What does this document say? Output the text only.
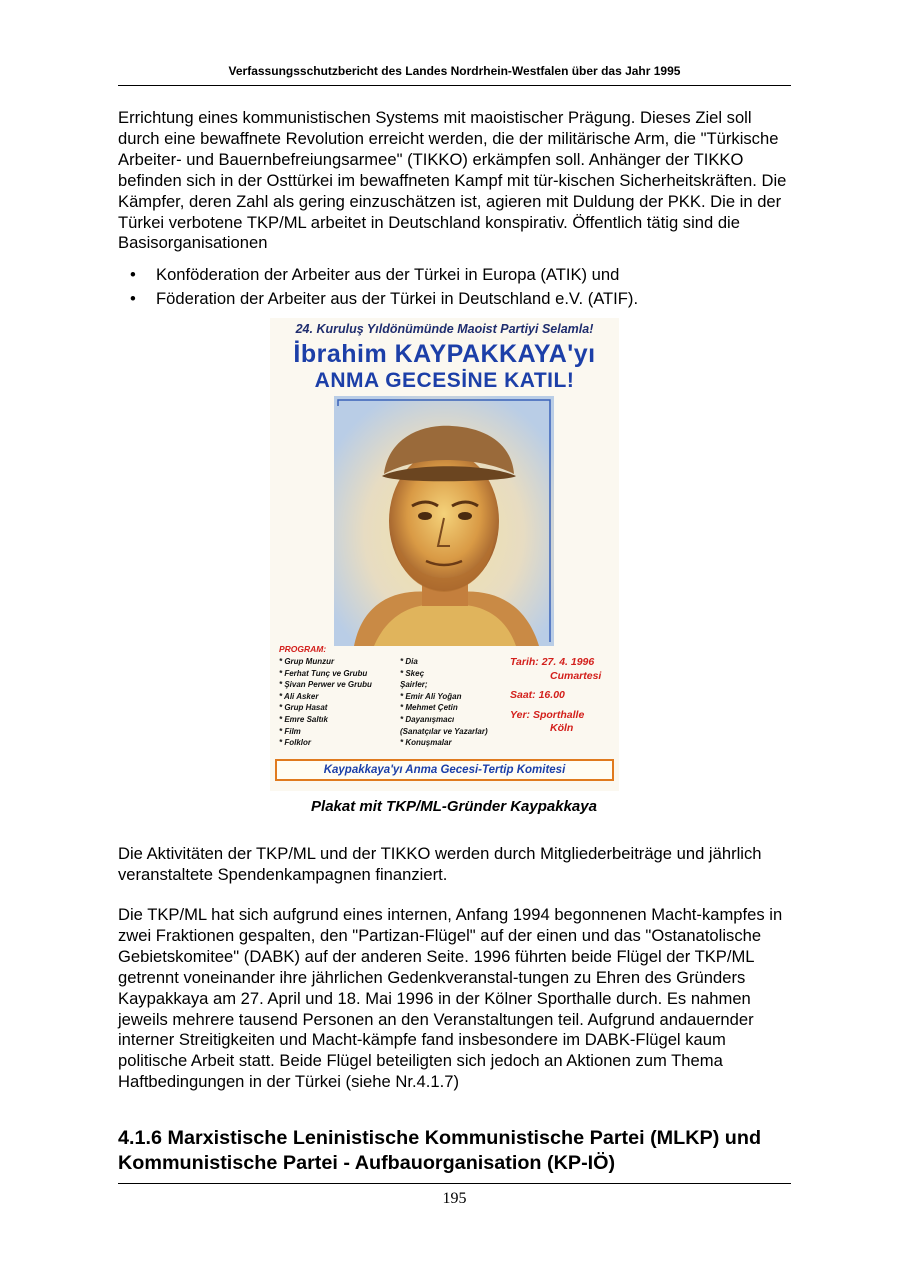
Verfassungsschutzbericht des Landes Nordrhein-Westfalen über das Jahr 1995

Errichtung eines kommunistischen Systems mit maoistischer Prägung. Dieses Ziel soll durch eine bewaffnete Revolution erreicht werden, die der militärische Arm, die "Türkische Arbeiter- und Bauernbefreiungsarmee" (TIKKO) erkämpfen soll. Anhänger der TIKKO befinden sich in der Osttürkei im bewaffneten Kampf mit tür-kischen Sicherheitskräften. Die Kämpfer, deren Zahl als gering einzuschätzen ist, agieren mit Duldung der PKK. Die in der Türkei verbotene TKP/ML arbeitet in Deutschland konspirativ. Öffentlich tätig sind die Basisorganisationen

• Konföderation der Arbeiter aus der Türkei in Europa (ATIK) und
• Föderation der Arbeiter aus der Türkei in Deutschland e.V. (ATIF).
24. Kuruluş Yıldönümünde Maoist Partiyi Selamla!
İbrahim KAYPAKKAYA'yı
ANMA GECESİNE KATIL!
PROGRAM:
* Grup Munzur
* Ferhat Tunç ve Grubu
* Şivan Perwer ve Grubu
* Ali Asker
* Grup Hasat
* Emre Saltık
* Film
* Folklor
* Dia
* Skeç
Şairler;
* Emir Ali Yoğan
* Mehmet Çetin
* Dayanışmacı
(Sanatçılar ve Yazarlar)
* Konuşmalar
Tarih: 27. 4. 1996
Cumartesi
Saat: 16.00
Yer: Sporthalle
Köln
Kaypakkaya'yı Anma Gecesi-Tertip Komitesi
Plakat mit TKP/ML-Gründer Kaypakkaya

Die Aktivitäten der TKP/ML und der TIKKO werden durch Mitgliederbeiträge und jährlich veranstaltete Spendenkampagnen finanziert.

Die TKP/ML hat sich aufgrund eines internen, Anfang 1994 begonnenen Macht-kampfes in zwei Fraktionen gespalten, den "Partizan-Flügel" auf der einen und das "Ostanatolische Gebietskomitee" (DABK) auf der anderen Seite. 1996 führten beide Flügel der TKP/ML getrennt voneinander ihre jährlichen Gedenkveranstal-tungen zu Ehren des Gründers Kaypakkaya am 27. April und 18. Mai 1996 in der Kölner Sporthalle durch. Es nahmen jeweils mehrere tausend Personen an den Veranstaltungen teil. Aufgrund andauernder interner Streitigkeiten und Macht-kämpfe fand insbesondere im DABK-Flügel kaum politische Arbeit statt. Beide Flügel beteiligten sich jedoch an Aktionen zum Thema Haftbedingungen in der Türkei (siehe Nr.4.1.7)

4.1.6 Marxistische Leninistische Kommunistische Partei (MLKP) und Kommunistische Partei - Aufbauorganisation (KP-IÖ)
195
